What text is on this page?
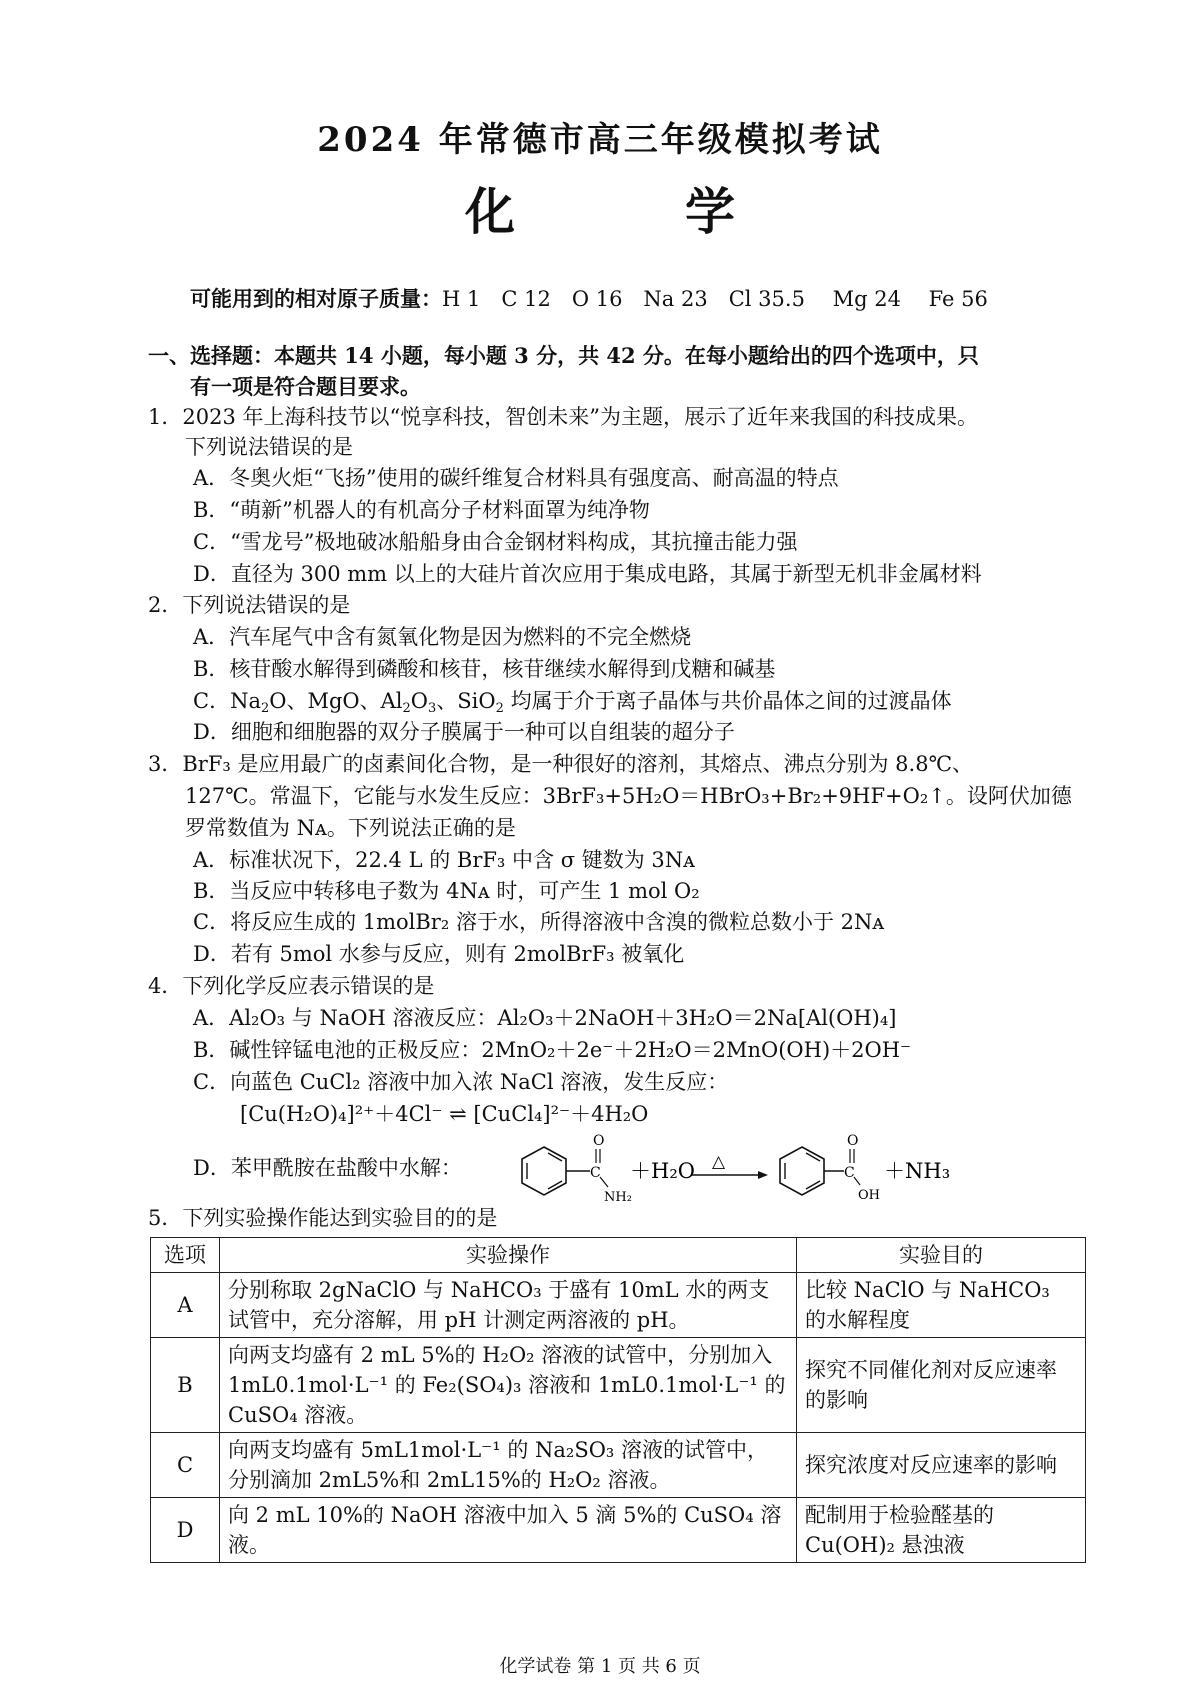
2024 年常德市高三年级模拟考试
化　学
可能用到的相对原子质量：H 1　C 12　O 16　Na 23　Cl 35.5　 Mg 24　 Fe 56
一、选择题：本题共 14 小题，每小题 3 分，共 42 分。在每小题给出的四个选项中，只
有一项是符合题目要求。
1．2023 年上海科技节以“悦享科技，智创未来”为主题，展示了近年来我国的科技成果。
下列说法错误的是
A．冬奥火炬“飞扬”使用的碳纤维复合材料具有强度高、耐高温的特点
B．“萌新”机器人的有机高分子材料面罩为纯净物
C．“雪龙号”极地破冰船船身由合金钢材料构成，其抗撞击能力强
D．直径为 300 mm 以上的大硅片首次应用于集成电路，其属于新型无机非金属材料
2．下列说法错误的是
A．汽车尾气中含有氮氧化物是因为燃料的不完全燃烧
B．核苷酸水解得到磷酸和核苷，核苷继续水解得到戊糖和碱基
C．$Na_2O$、MgO、$Al_2O_3$、SiO$_2$ 均属于介于离子晶体与共价晶体之间的过渡晶体
D．细胞和细胞器的双分子膜属于一种可以自组装的超分子
3．BrF₃ 是应用最广的卤素间化合物，是一种很好的溶剂，其熔点、沸点分别为 8.8℃、
127℃。常温下，它能与水发生反应：3BrF₃+5H₂O＝HBrO₃+Br₂+9HF+O₂↑。设阿伏加德
罗常数值为 Nᴀ。下列说法正确的是
A．标准状况下，22.4 L 的 BrF₃ 中含 σ 键数为 3Nᴀ
B．当反应中转移电子数为 4Nᴀ 时，可产生 1 mol O₂
C．将反应生成的 1molBr₂ 溶于水，所得溶液中含溴的微粒总数小于 2Nᴀ
D．若有 5mol 水参与反应，则有 2molBrF₃ 被氧化
4．下列化学反应表示错误的是
A．Al₂O₃ 与 NaOH 溶液反应：Al₂O₃＋2NaOH＋3H₂O＝2Na[Al(OH)₄]
B．碱性锌锰电池的正极反应：2MnO₂＋2e⁻＋2H₂O＝2MnO(OH)＋2OH⁻
C．向蓝色 CuCl₂ 溶液中加入浓 NaCl 溶液，发生反应：
[Cu(H₂O)₄]²⁺＋4Cl⁻ ⇌ [CuCl₄]²⁻＋4H₂O
D．苯甲酰胺在盐酸中水解：	C
O
NH₂
＋H₂O △
C
O
OH
＋NH₃
5．下列实验操作能达到实验目的的是
选项	实验操作	实验目的
A	分别称取 2gNaClO 与 NaHCO₃ 于盛有 10mL 水的两支试管中，充分溶解，用 pH 计测定两溶液的 pH。	比较 NaClO 与 NaHCO₃ 的水解程度
B	向两支均盛有 2 mL 5%的 H₂O₂ 溶液的试管中，分别加入 1mL0.1mol·L⁻¹ 的 Fe₂(SO₄)₃ 溶液和 1mL0.1mol·L⁻¹ 的 CuSO₄ 溶液。	探究不同催化剂对反应速率的影响
C	向两支均盛有 5mL1mol·L⁻¹ 的 Na₂SO₃ 溶液的试管中，分别滴加 2mL5%和 2mL15%的 H₂O₂ 溶液。	探究浓度对反应速率的影响
D	向 2 mL 10%的 NaOH 溶液中加入 5 滴 5%的 CuSO₄ 溶液。	配制用于检验醛基的 Cu(OH)₂ 悬浊液
化学试卷 第 1 页 共 6 页
